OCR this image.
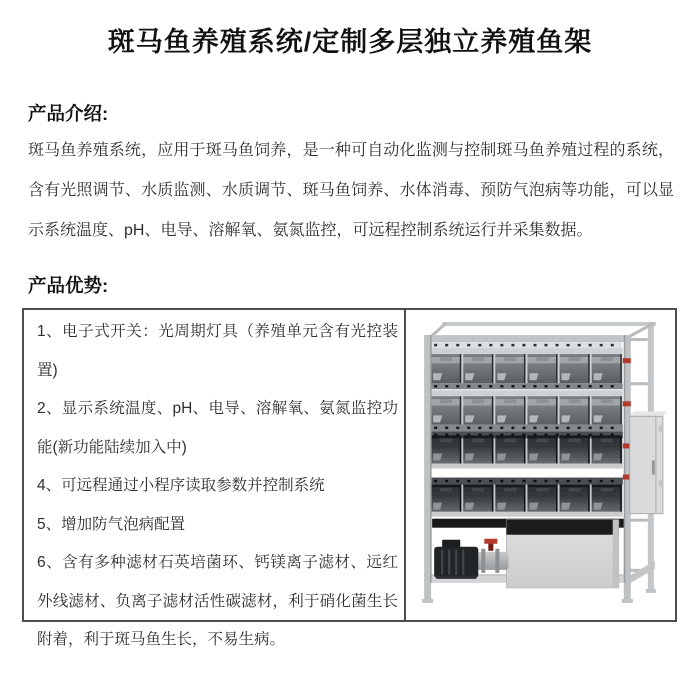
斑马鱼养殖系统/定制多层独立养殖鱼架
产品介绍:
斑马鱼养殖系统，应用于斑马鱼饲养，是一种可自动化监测与控制斑马鱼养殖过程的系统，含有光照调节、水质监测、水质调节、斑马鱼饲养、水体消毒、预防气泡病等功能，可以显示系统温度、pH、电导、溶解氧、氨氮监控，可远程控制系统运行并采集数据。
产品优势:

1、电子式开关：光周期灯具（养殖单元含有光控装置)

2、显示系统温度、pH、电导、溶解氧、氨氮监控功能(新功能陆续加入中)

4、可远程通过小程序读取参数并控制系统

5、增加防气泡病配置

6、含有多种滤材石英培菌环、钙镁离子滤材、远红外线滤材、负离子滤材活性碳滤材，利于硝化菌生长附着，利于斑马鱼生长，不易生病。
